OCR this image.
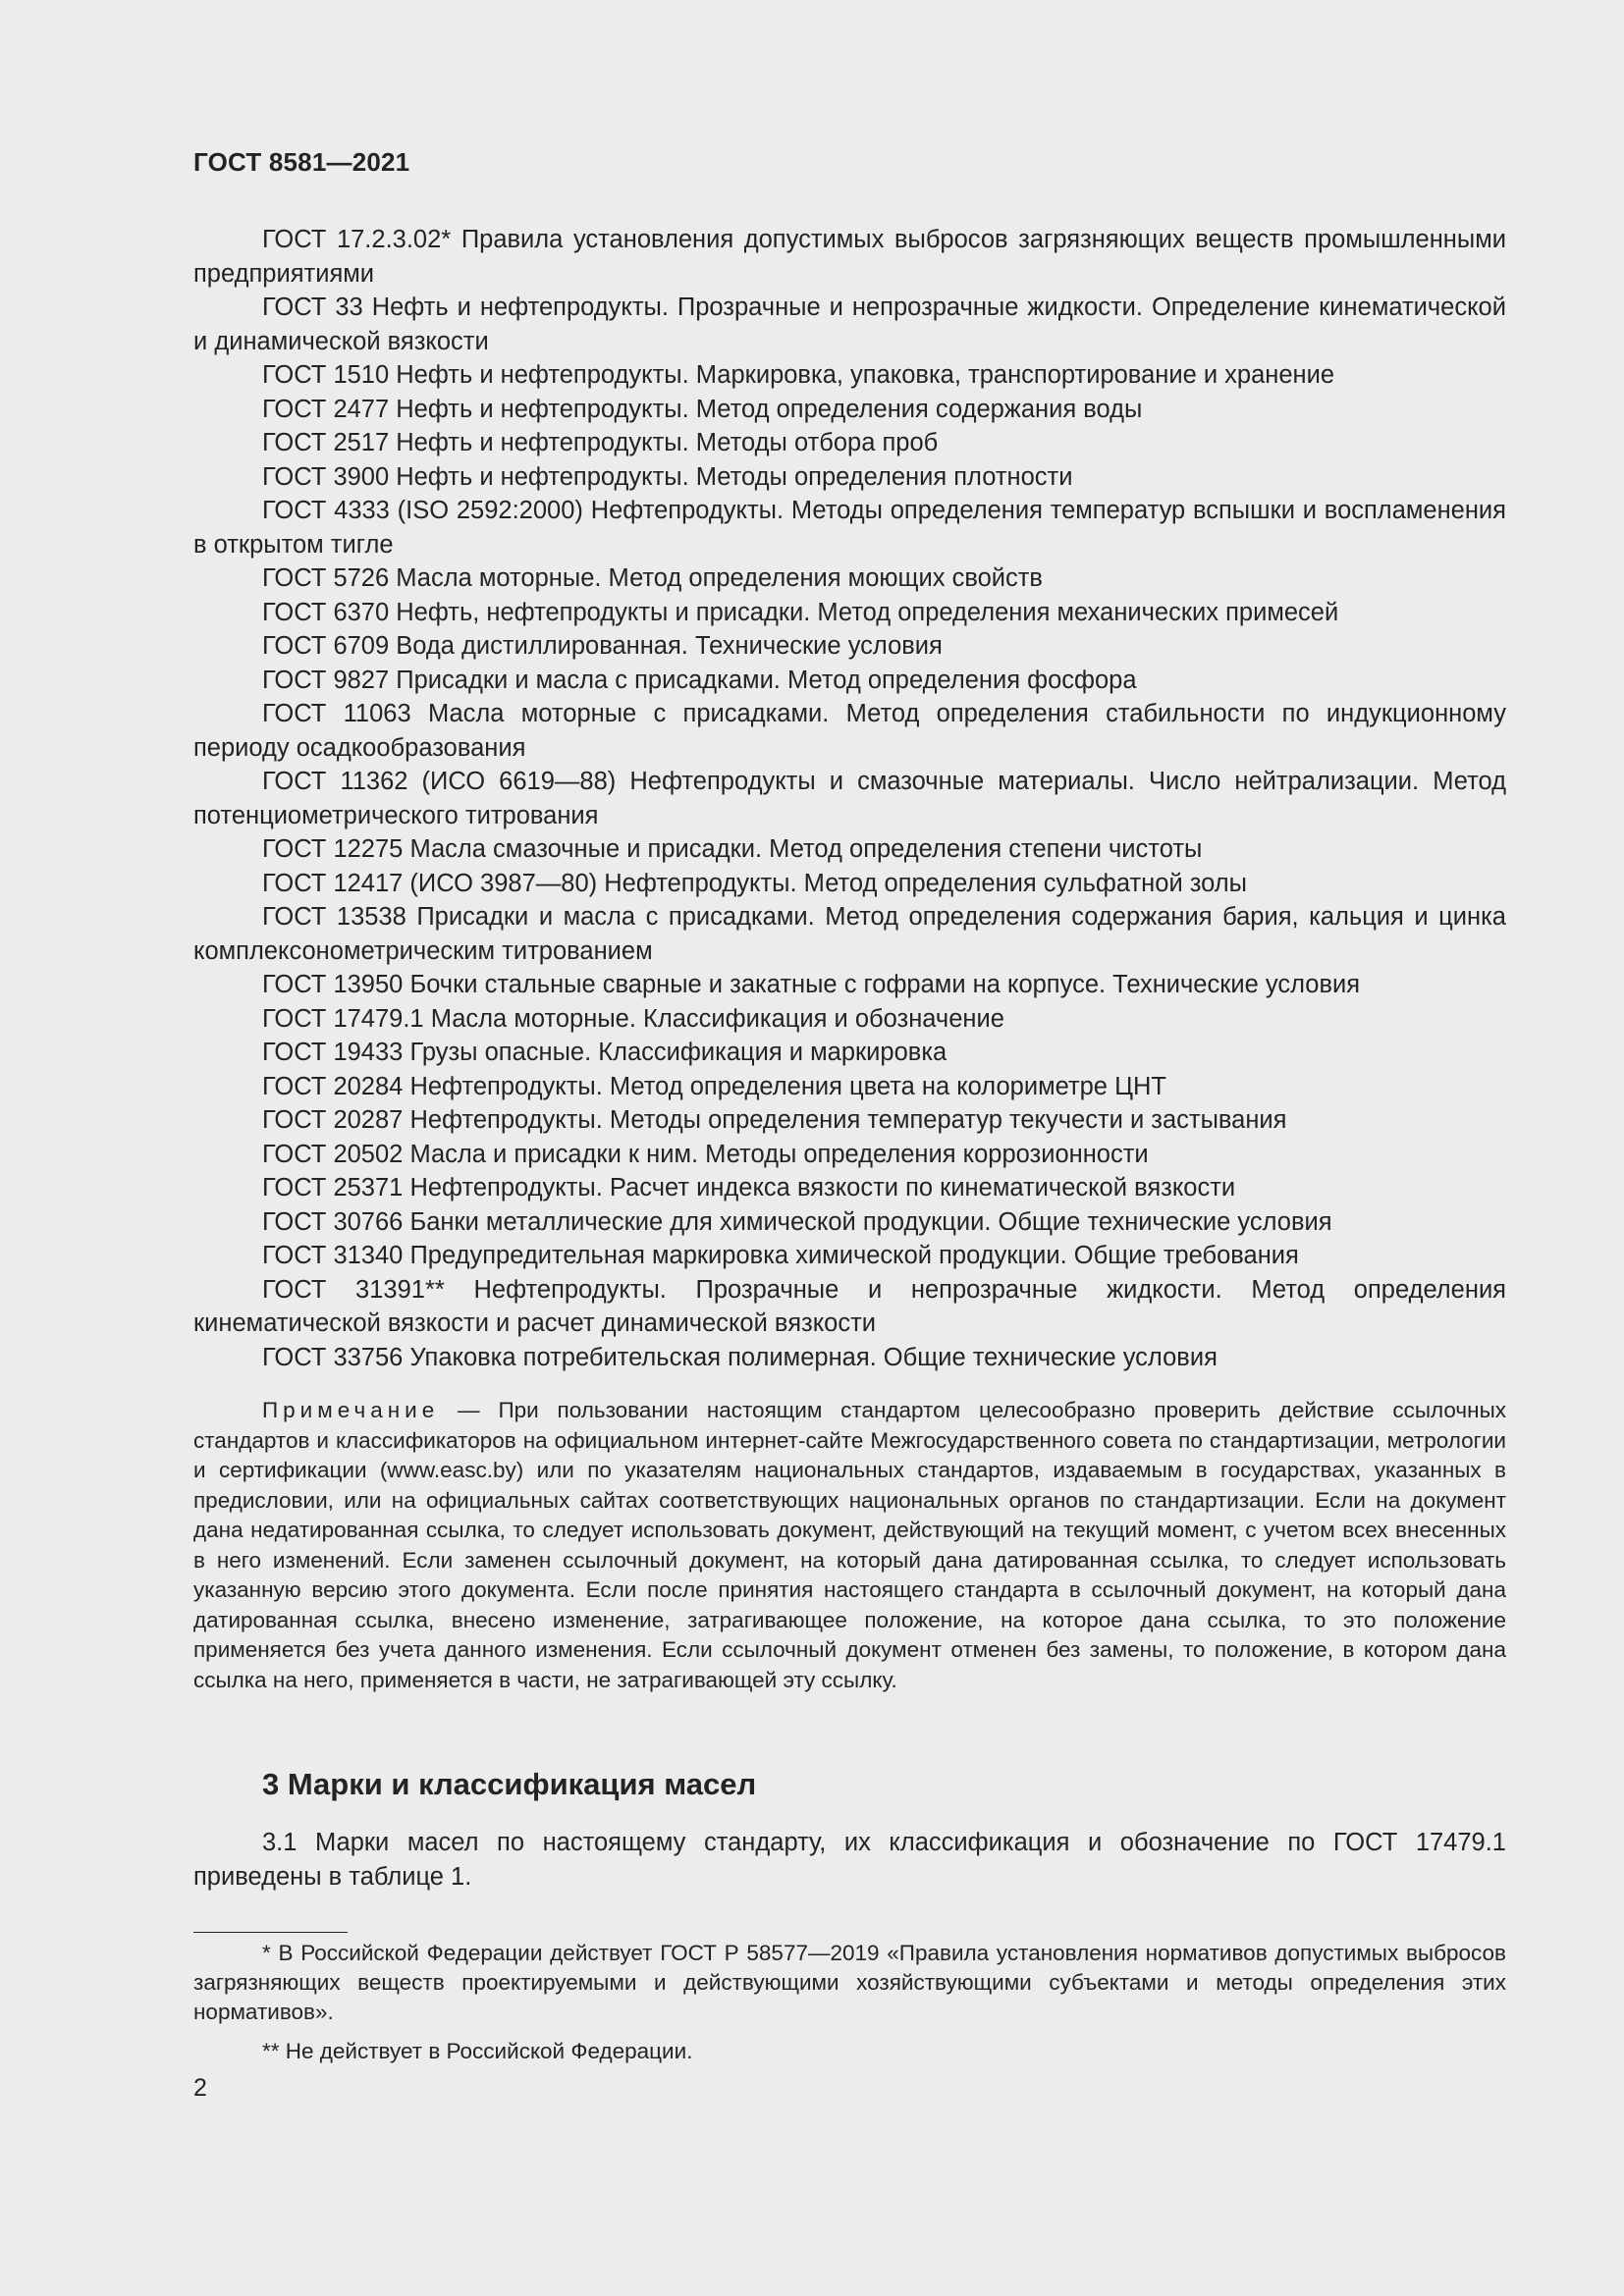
ГОСТ 8581—2021

ГОСТ 17.2.3.02* Правила установления допустимых выбросов загрязняющих веществ промышленными предприятиями

ГОСТ 33 Нефть и нефтепродукты. Прозрачные и непрозрачные жидкости. Определение кинематической и динамической вязкости

ГОСТ 1510 Нефть и нефтепродукты. Маркировка, упаковка, транспортирование и хранение

ГОСТ 2477 Нефть и нефтепродукты. Метод определения содержания воды

ГОСТ 2517 Нефть и нефтепродукты. Методы отбора проб

ГОСТ 3900 Нефть и нефтепродукты. Методы определения плотности

ГОСТ 4333 (ISO 2592:2000) Нефтепродукты. Методы определения температур вспышки и воспламенения в открытом тигле

ГОСТ 5726 Масла моторные. Метод определения моющих свойств

ГОСТ 6370 Нефть, нефтепродукты и присадки. Метод определения механических примесей

ГОСТ 6709 Вода дистиллированная. Технические условия

ГОСТ 9827 Присадки и масла с присадками. Метод определения фосфора

ГОСТ 11063 Масла моторные с присадками. Метод определения стабильности по индукционному периоду осадкообразования

ГОСТ 11362 (ИСО 6619—88) Нефтепродукты и смазочные материалы. Число нейтрализации. Метод потенциометрического титрования

ГОСТ 12275 Масла смазочные и присадки. Метод определения степени чистоты

ГОСТ 12417 (ИСО 3987—80) Нефтепродукты. Метод определения сульфатной золы

ГОСТ 13538 Присадки и масла с присадками. Метод определения содержания бария, кальция и цинка комплексонометрическим титрованием

ГОСТ 13950 Бочки стальные сварные и закатные с гофрами на корпусе. Технические условия

ГОСТ 17479.1 Масла моторные. Классификация и обозначение

ГОСТ 19433 Грузы опасные. Классификация и маркировка

ГОСТ 20284 Нефтепродукты. Метод определения цвета на колориметре ЦНТ

ГОСТ 20287 Нефтепродукты. Методы определения температур текучести и застывания

ГОСТ 20502 Масла и присадки к ним. Методы определения коррозионности

ГОСТ 25371 Нефтепродукты. Расчет индекса вязкости по кинематической вязкости

ГОСТ 30766 Банки металлические для химической продукции. Общие технические условия

ГОСТ 31340 Предупредительная маркировка химической продукции. Общие требования

ГОСТ 31391** Нефтепродукты. Прозрачные и непрозрачные жидкости. Метод определения кинематической вязкости и расчет динамической вязкости

ГОСТ 33756 Упаковка потребительская полимерная. Общие технические условия

Примечание — При пользовании настоящим стандартом целесообразно проверить действие ссылочных стандартов и классификаторов на официальном интернет-сайте Межгосударственного совета по стандартизации, метрологии и сертификации (www.easc.by) или по указателям национальных стандартов, издаваемым в государствах, указанных в предисловии, или на официальных сайтах соответствующих национальных органов по стандартизации. Если на документ дана недатированная ссылка, то следует использовать документ, действующий на текущий момент, с учетом всех внесенных в него изменений. Если заменен ссылочный документ, на который дана датированная ссылка, то следует использовать указанную версию этого документа. Если после принятия настоящего стандарта в ссылочный документ, на который дана датированная ссылка, внесено изменение, затрагивающее положение, на которое дана ссылка, то это положение применяется без учета данного изменения. Если ссылочный документ отменен без замены, то положение, в котором дана ссылка на него, применяется в части, не затрагивающей эту ссылку.

3 Марки и классификация масел

3.1 Марки масел по настоящему стандарту, их классификация и обозначение по ГОСТ 17479.1 приведены в таблице 1.

* В Российской Федерации действует ГОСТ Р 58577—2019 «Правила установления нормативов допустимых выбросов загрязняющих веществ проектируемыми и действующими хозяйствующими субъектами и методы определения этих нормативов».

** Не действует в Российской Федерации.

2
